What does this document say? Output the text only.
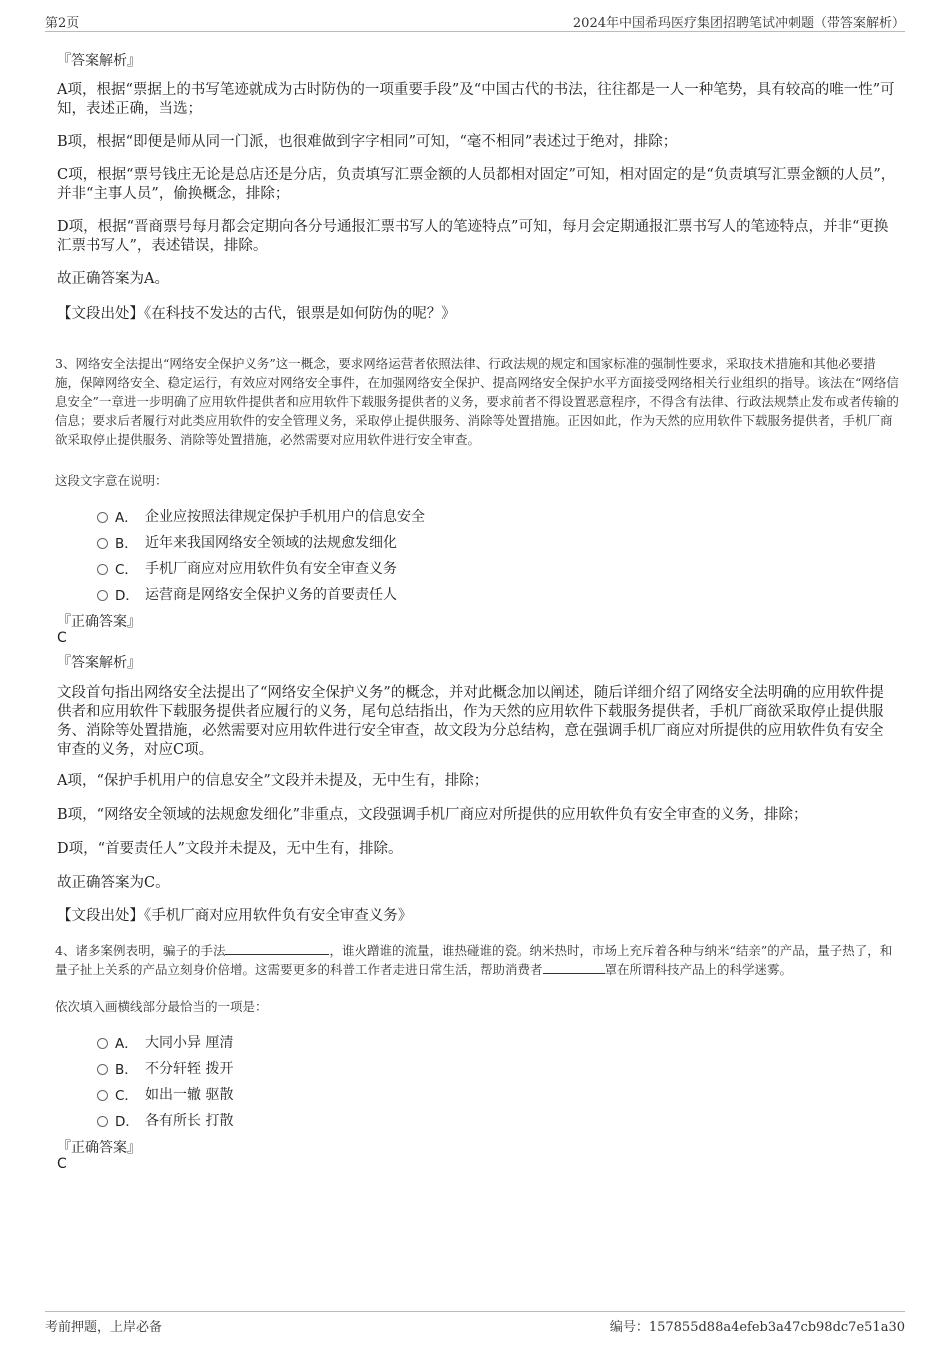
第2页	2024年中国希玛医疗集团招聘笔试冲刺题（带答案解析）
『答案解析』
A项，根据“票据上的书写笔迹就成为古时防伪的一项重要手段”及“中国古代的书法，往往都是一人一种笔势，具有较高的唯一性”可知，表述正确，当选；
B项，根据“即便是师从同一门派，也很难做到字字相同”可知，“毫不相同”表述过于绝对，排除；
C项，根据“票号钱庄无论是总店还是分店，负责填写汇票金额的人员都相对固定”可知，相对固定的是“负责填写汇票金额的人员”，并非“主事人员”，偷换概念，排除；
D项，根据“晋商票号每月都会定期向各分号通报汇票书写人的笔迹特点”可知，每月会定期通报汇票书写人的笔迹特点，并非“更换汇票书写人”，表述错误，排除。
故正确答案为A。
【文段出处】《在科技不发达的古代，银票是如何防伪的呢？》
3、网络安全法提出“网络安全保护义务”这一概念，要求网络运营者依照法律、行政法规的规定和国家标准的强制性要求，采取技术措施和其他必要措施，保障网络安全、稳定运行，有效应对网络安全事件，在加强网络安全保护、提高网络安全保护水平方面接受网络相关行业组织的指导。该法在“网络信息安全”一章进一步明确了应用软件提供者和应用软件下载服务提供者的义务，要求前者不得设置恶意程序，不得含有法律、行政法规禁止发布或者传输的信息；要求后者履行对此类应用软件的安全管理义务，采取停止提供服务、消除等处置措施。正因如此，作为天然的应用软件下载服务提供者，手机厂商欲采取停止提供服务、消除等处置措施，必然需要对应用软件进行安全审查。
这段文字意在说明：
A． 企业应按照法律规定保护手机用户的信息安全
B． 近年来我国网络安全领域的法规愈发细化
C． 手机厂商应对应用软件负有安全审查义务
D． 运营商是网络安全保护义务的首要责任人
『正确答案』
C
『答案解析』
文段首句指出网络安全法提出了“网络安全保护义务”的概念，并对此概念加以阐述，随后详细介绍了网络安全法明确的应用软件提供者和应用软件下载服务提供者应履行的义务，尾句总结指出，作为天然的应用软件下载服务提供者，手机厂商欲采取停止提供服务、消除等处置措施，必然需要对应用软件进行安全审查，故文段为分总结构，意在强调手机厂商应对所提供的应用软件负有安全审查的义务，对应C项。
A项，“保护手机用户的信息安全”文段并未提及，无中生有，排除；
B项，“网络安全领域的法规愈发细化”非重点，文段强调手机厂商应对所提供的应用软件负有安全审查的义务，排除；
D项，“首要责任人”文段并未提及，无中生有，排除。
故正确答案为C。
【文段出处】《手机厂商对应用软件负有安全审查义务》
4、诸多案例表明，骗子的手法	，谁火蹭谁的流量，谁热碰谁的瓷。纳米热时，市场上充斥着各种与纳米“结亲”的产品，量子热了，和量子扯上关系的产品立刻身价倍增。这需要更多的科普工作者走进日常生活，帮助消费者	罩在所谓科技产品上的科学迷雾。
依次填入画横线部分最恰当的一项是：
A． 大同小异 厘清
B． 不分轩轾 拨开
C． 如出一辙 驱散
D． 各有所长 打散
『正确答案』
C
考前押题，上岸必备	编号：157855d88a4efeb3a47cb98dc7e51a30
